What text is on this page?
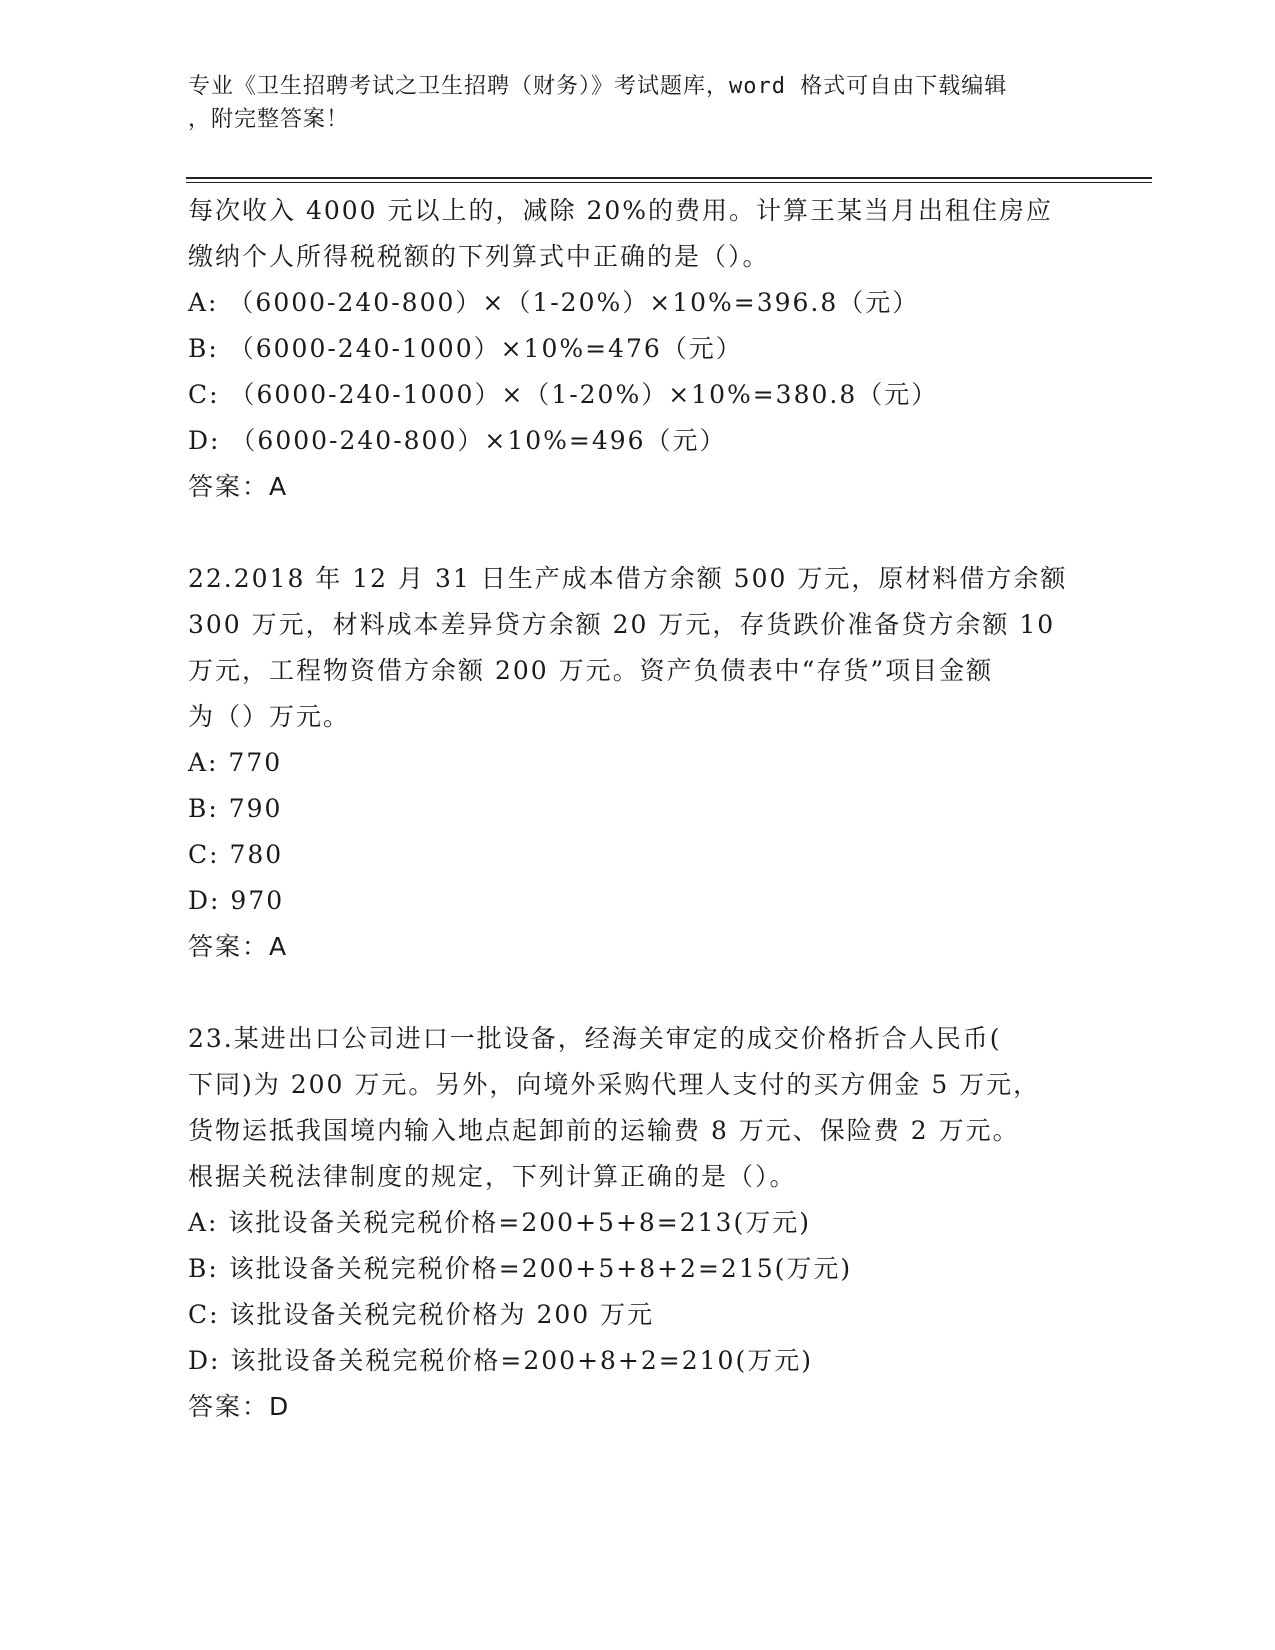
专业《卫生招聘考试之卫生招聘（财务）》考试题库，word 格式可自由下载编辑
，附完整答案！
每次收入 4000 元以上的，减除 20%的费用。计算王某当月出租住房应
缴纳个人所得税税额的下列算式中正确的是（）。
A: （6000-240-800）×（1-20%）×10%=396.8（元）
B: （6000-240-1000）×10%=476（元）
C: （6000-240-1000）×（1-20%）×10%=380.8（元）
D: （6000-240-800）×10%=496（元）
答案：A
22.2018 年 12 月 31 日生产成本借方余额 500 万元，原材料借方余额
300 万元，材料成本差异贷方余额 20 万元，存货跌价准备贷方余额 10
万元，工程物资借方余额 200 万元。资产负债表中“存货”项目金额
为（）万元。
A: 770
B: 790
C: 780
D: 970
答案：A
23.某进出口公司进口一批设备，经海关审定的成交价格折合人民币(
下同)为 200 万元。另外，向境外采购代理人支付的买方佣金 5 万元，
货物运抵我国境内输入地点起卸前的运输费 8 万元、保险费 2 万元。
根据关税法律制度的规定，下列计算正确的是（）。
A: 该批设备关税完税价格=200+5+8=213(万元)
B: 该批设备关税完税价格=200+5+8+2=215(万元)
C: 该批设备关税完税价格为 200 万元
D: 该批设备关税完税价格=200+8+2=210(万元)
答案：D
